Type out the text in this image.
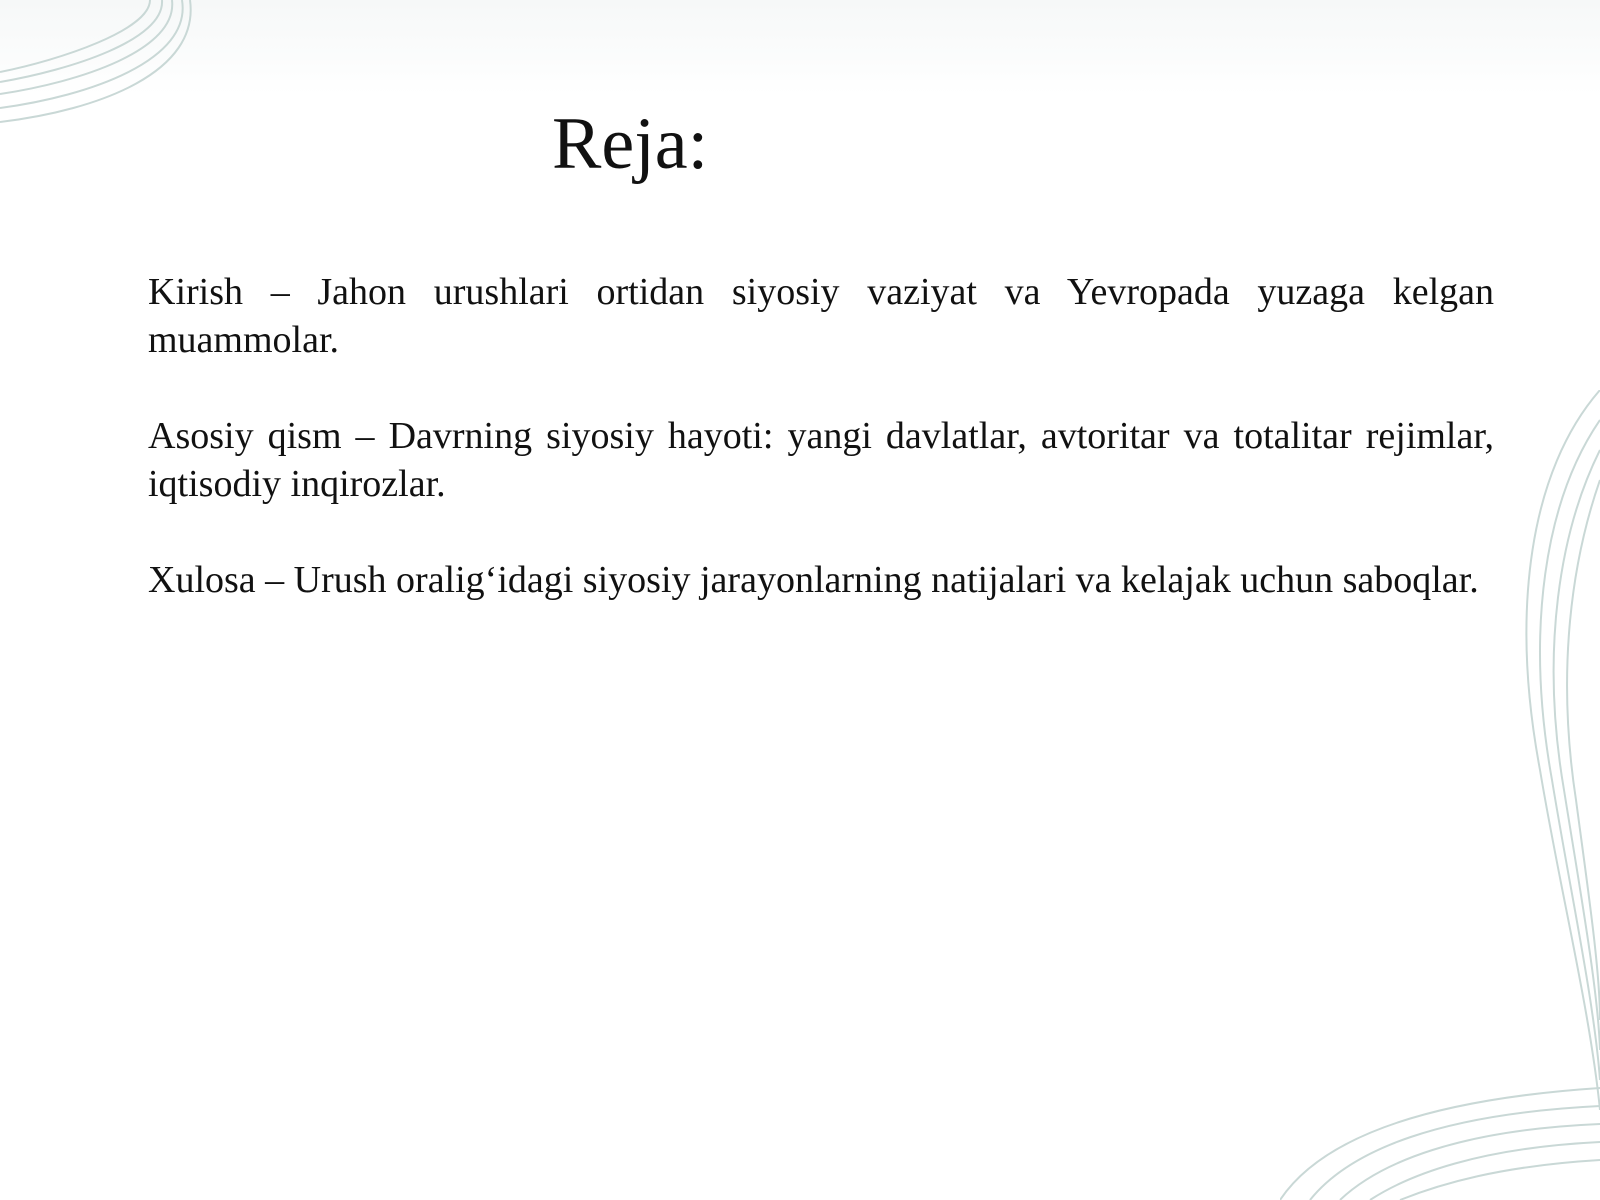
Reja:

Kirish – Jahon urushlari ortidan siyosiy vaziyat va Yevropada yuzaga kelgan muammolar.

Asosiy qism – Davrning siyosiy hayoti: yangi davlatlar, avtoritar va totalitar rejimlar, iqtisodiy inqirozlar.

Xulosa – Urush oralig‘idagi siyosiy jarayonlarning natijalari va kelajak uchun saboqlar.
